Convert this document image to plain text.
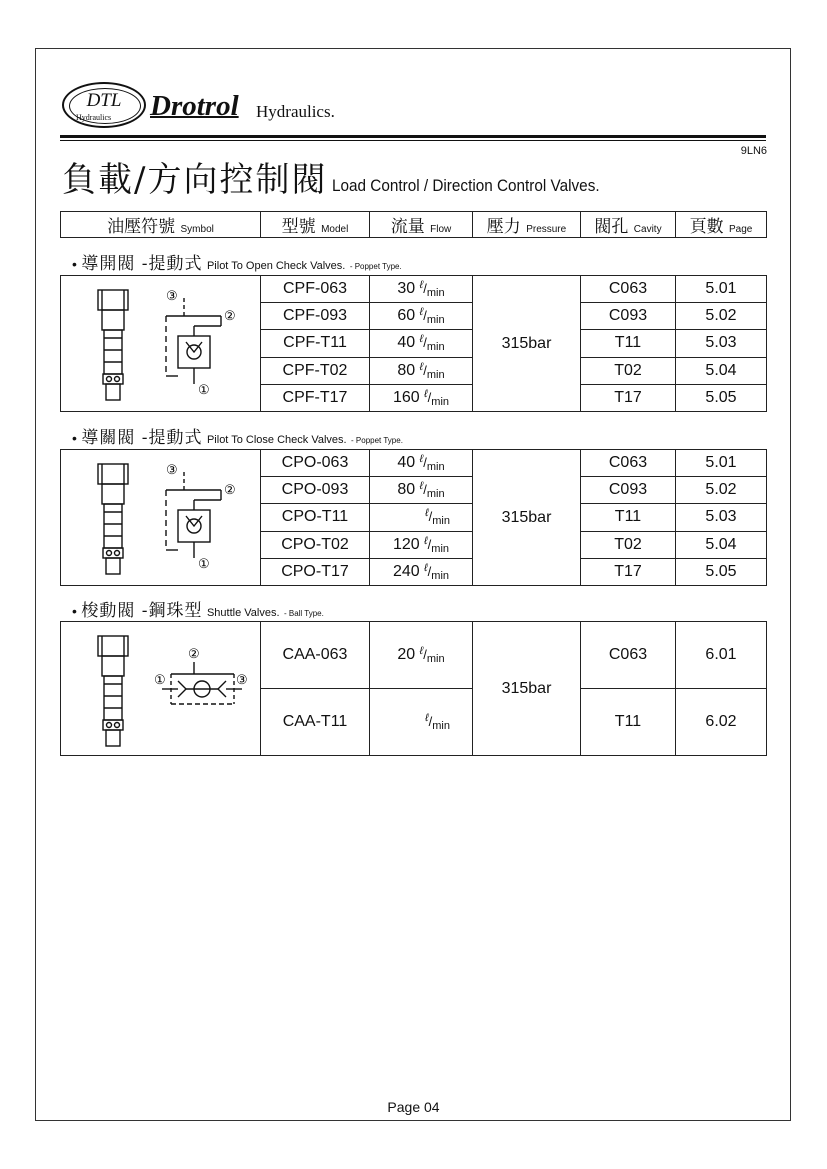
DTL
Hydraulics Drotrol Hydraulics.
9LN6
負載/方向控制閥 Load Control / Direction Control Valves.
油壓符號 Symbol	型號 Model	流量 Flow	壓力 Pressure	閥孔 Cavity	頁數 Page
• 導開閥 -提動式 Pilot To Open Check Valves. - Poppet Type.
③
②
①	CPF-063	30 ℓ/min	315bar	C063	5.01
	CPF-093	60 ℓ/min		C093	5.02
	CPF-T11	40 ℓ/min		T11	5.03
	CPF-T02	80 ℓ/min		T02	5.04
	CPF-T17	160 ℓ/min		T17	5.05
• 導關閥 -提動式 Pilot To Close Check Valves. - Poppet Type.
③
②
①	CPO-063	40 ℓ/min	315bar	C063	5.01
	CPO-093	80 ℓ/min		C093	5.02
	CPO-T11	ℓ/min		T11	5.03
	CPO-T02	120 ℓ/min		T02	5.04
	CPO-T17	240 ℓ/min		T17	5.05
• 梭動閥 -鋼珠型 Shuttle Valves. - Ball Type.
②
① ③	CAA-063	20 ℓ/min	315bar	C063	6.01
	CAA-T11	ℓ/min		T11	6.02
Page 04
